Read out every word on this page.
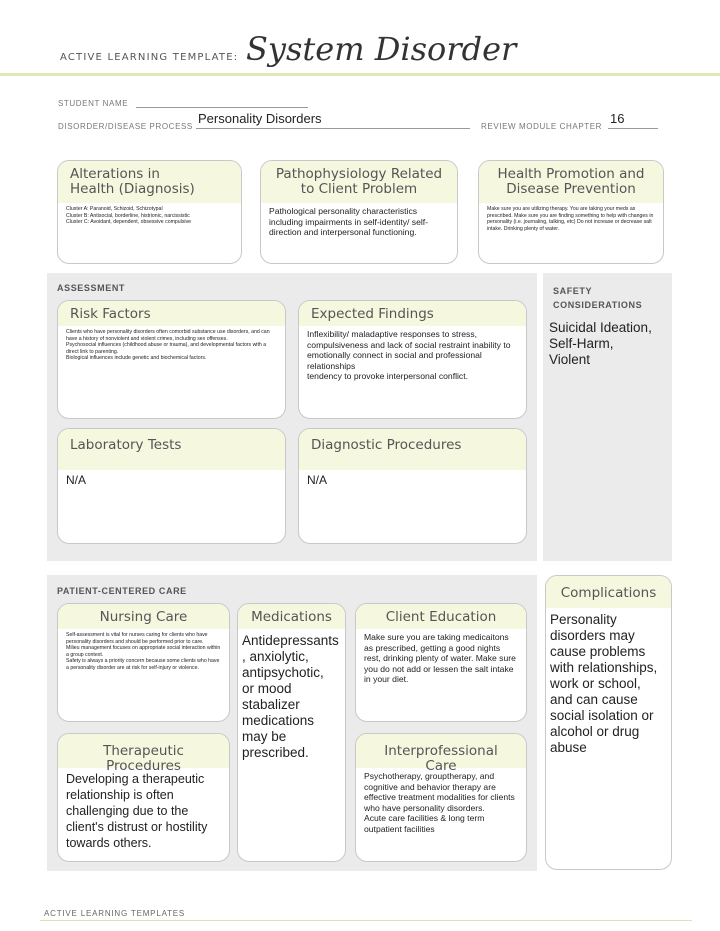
ACTIVE LEARNING TEMPLATE: System Disorder
STUDENT NAME
DISORDER/DISEASE PROCESS
Personality Disorders
REVIEW MODULE CHAPTER
16
Alterations in
Health (Diagnosis)
Cluster A: Paranoid, Schizoid, Schizotypal
Cluster B: Antisocial, borderline, histrionic, narcissistic
Cluster C: Avoidant, dependent, obsessive compulsive
Pathophysiology Related
to Client Problem
Pathological personality characteristics including impairments in self-identity/ self-direction and interpersonal functioning.
Health Promotion and
Disease Prevention
Make sure you are utilizing therapy. You are taking your meds as prescribed. Make sure you are finding something to help with changes in personality (i.e. journaling, talking, etc) Do not increase or decrease salt intake. Drinking plenty of water.
ASSESSMENT
Risk Factors
Clients who have personality disorders often comorbid substance use disorders, and can have a history of nonviolent and violent crimes, including sex offenses.
Psychosocial influences (childhood abuse or trauma), and developmental factors with a direct link to parenting.
Biological influences include genetic and biochemical factors.
Expected Findings
Inflexibility/ maladaptive responses to stress, compulsiveness and lack of social restraint inability to emotionally connect in social and professional relationships
tendency to provoke interpersonal conflict.
Laboratory Tests
N/A
Diagnostic Procedures
N/A
SAFETY
CONSIDERATIONS
Suicidal Ideation,
Self-Harm,
Violent
PATIENT-CENTERED CARE
Nursing Care
Self-assessment is vital for nurses caring for clients who have personality disorders and should be performed prior to care.
Milieu management focuses on appropriate social interaction within a group context.
Safety is always a priority concern because some clients who have a personality disorder are at risk for self-injury or violence.
Medications
Antidepressants
, anxiolytic,
antipsychotic,
or mood
stabalizer
medications
may be
prescribed.
Client Education
Make sure you are taking medicaitons as prescribed, getting a good nights rest, drinking plenty of water. Make sure you do not add or lessen the salt intake in your diet.
Therapeutic Procedures
Developing a therapeutic relationship is often challenging due to the client's distrust or hostility towards others.
Interprofessional Care
Psychotherapy, grouptherapy, and cognitive and behavior therapy are effective treatment modalities for clients who have personality disorders.
Acute care facilities & long term outpatient facilities
Complications
Personality disorders may cause problems with relationships, work or school, and can cause social isolation or alcohol or drug abuse
ACTIVE LEARNING TEMPLATES
